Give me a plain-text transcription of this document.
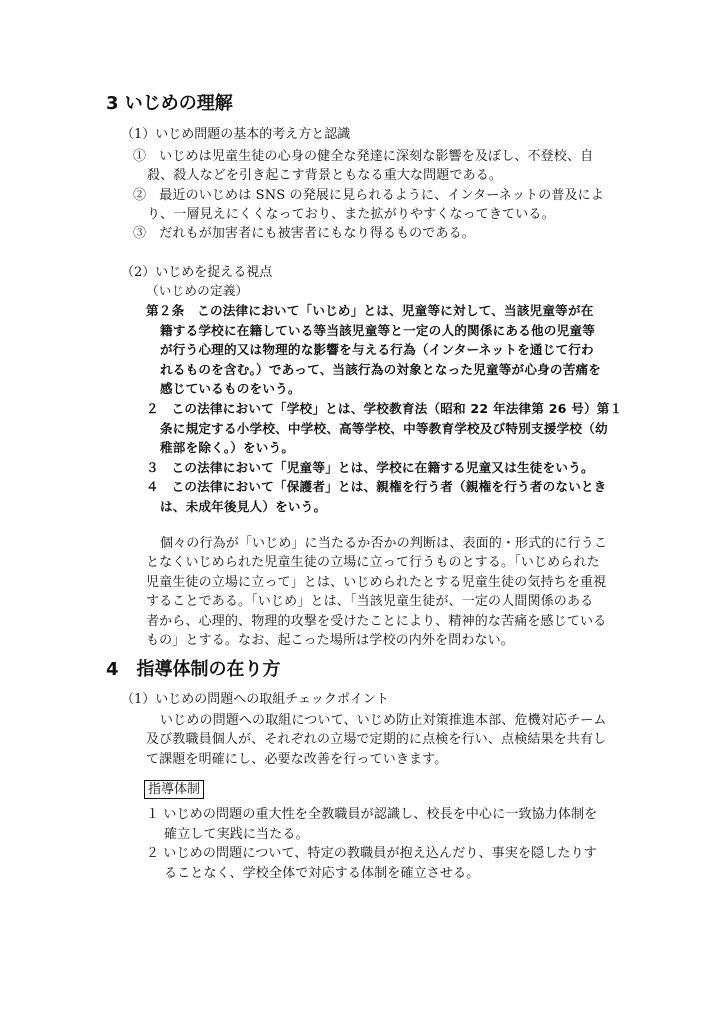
3 いじめの理解
（1）いじめ問題の基本的考え方と認識
①　いじめは児童生徒の心身の健全な発達に深刻な影響を及ぼし、不登校、自
殺、殺人などを引き起こす背景ともなる重大な問題である。
②　最近のいじめは SNS の発展に見られるように、インターネットの普及によ
り、一層見えにくくなっており、また拡がりやすくなってきている。
③　だれもが加害者にも被害者にもなり得るものである。
（2）いじめを捉える視点
（いじめの定義）
第２条　この法律において「いじめ」とは、児童等に対して、当該児童等が在
籍する学校に在籍している等当該児童等と一定の人的関係にある他の児童等
が行う心理的又は物理的な影響を与える行為（インターネットを通じて行わ
れるものを含む。）であって、当該行為の対象となった児童等が心身の苦痛を
感じているものをいう。
２　この法律において「学校」とは、学校教育法（昭和 22 年法律第 26 号）第１
条に規定する小学校、中学校、高等学校、中等教育学校及び特別支援学校（幼
稚部を除く。）をいう。
３　この法律において「児童等」とは、学校に在籍する児童又は生徒をいう。
４　この法律において「保護者」とは、親権を行う者（親権を行う者のないとき
は、未成年後見人）をいう。
個々の行為が「いじめ」に当たるか否かの判断は、表面的・形式的に行うこ
となくいじめられた児童生徒の立場に立って行うものとする。「いじめられた
児童生徒の立場に立って」とは、いじめられたとする児童生徒の気持ちを重視
することである。「いじめ」とは、「当該児童生徒が、一定の人間関係のある
者から、心理的、物理的攻撃を受けたことにより、精神的な苦痛を感じている
もの」とする。なお、起こった場所は学校の内外を問わない。
4　指導体制の在り方
（1）いじめの問題への取組チェックポイント
いじめの問題への取組について、いじめ防止対策推進本部、危機対応チーム
及び教職員個人が、それぞれの立場で定期的に点検を行い、点検結果を共有し
て課題を明確にし、必要な改善を行っていきます。
指導体制
１ いじめの問題の重大性を全教職員が認識し、校長を中心に一致協力体制を
確立して実践に当たる。
２ いじめの問題について、特定の教職員が抱え込んだり、事実を隠したりす
ることなく、学校全体で対応する体制を確立させる。
